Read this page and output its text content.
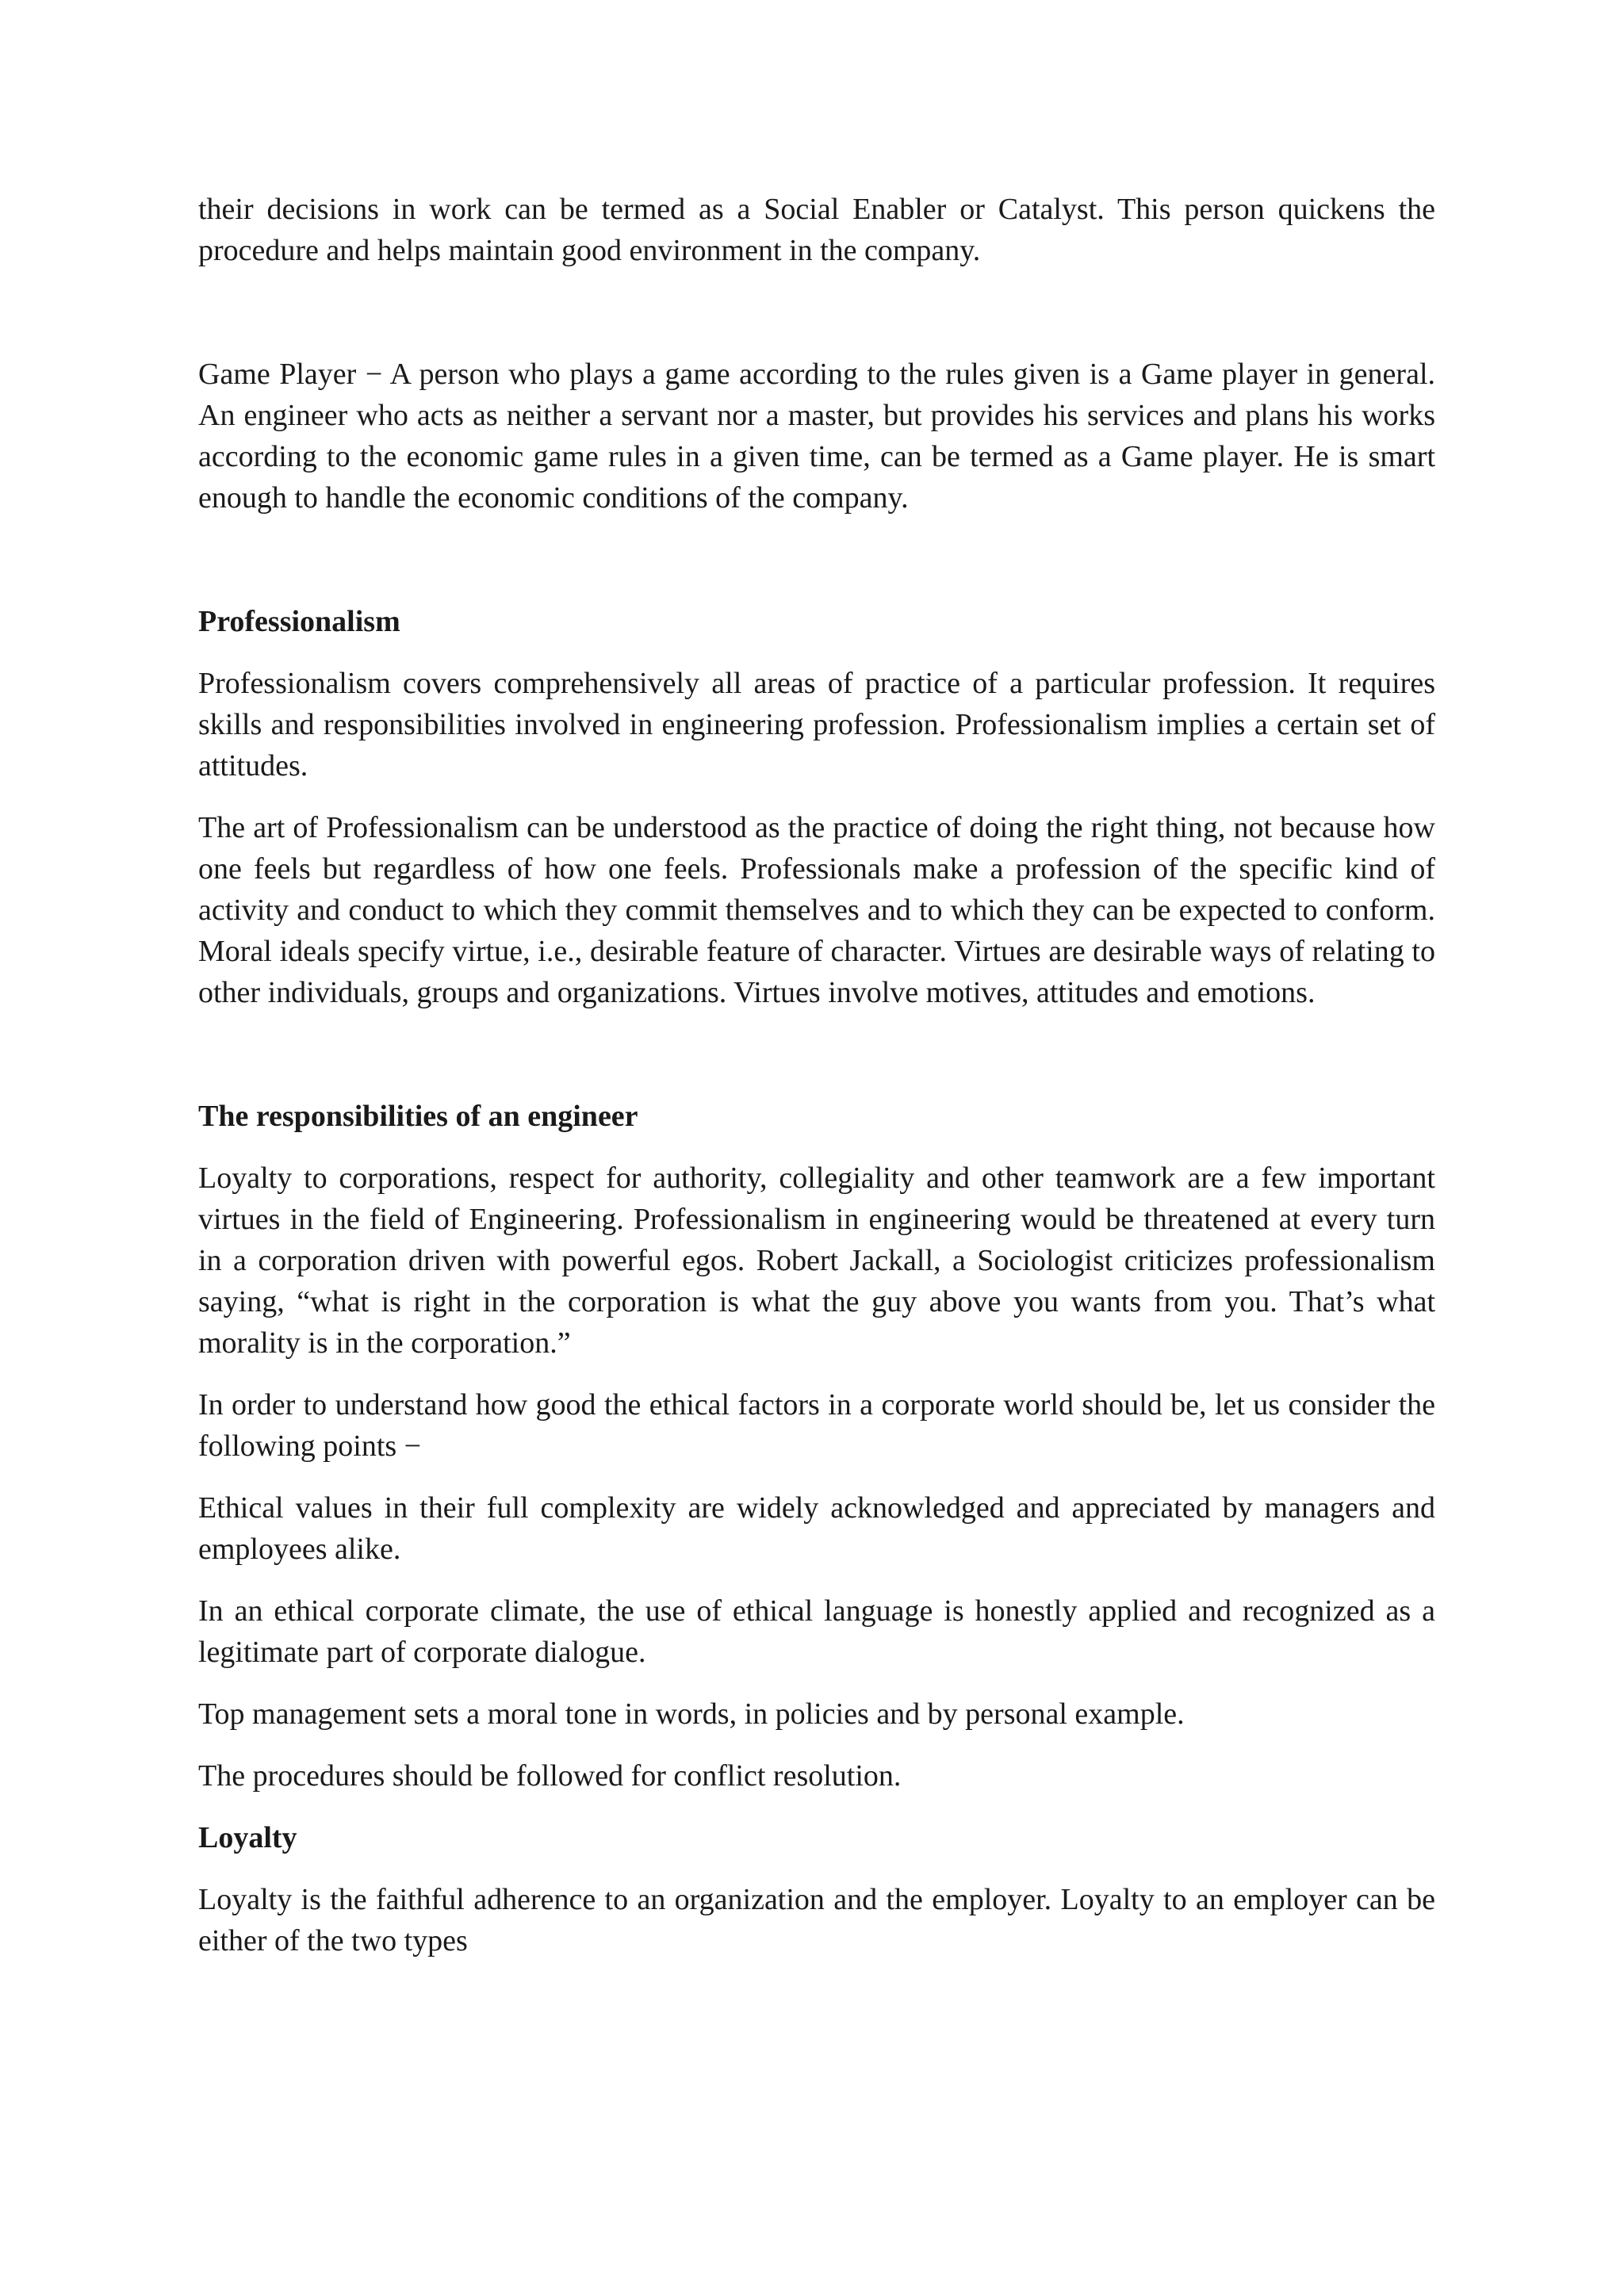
their decisions in work can be termed as a Social Enabler or Catalyst. This person quickens the procedure and helps maintain good environment in the company.

Game Player − A person who plays a game according to the rules given is a Game player in general. An engineer who acts as neither a servant nor a master, but provides his services and plans his works according to the economic game rules in a given time, can be termed as a Game player. He is smart enough to handle the economic conditions of the company.

Professionalism

Professionalism covers comprehensively all areas of practice of a particular profession. It requires skills and responsibilities involved in engineering profession. Professionalism implies a certain set of attitudes.

The art of Professionalism can be understood as the practice of doing the right thing, not because how one feels but regardless of how one feels. Professionals make a profession of the specific kind of activity and conduct to which they commit themselves and to which they can be expected to conform. Moral ideals specify virtue, i.e., desirable feature of character. Virtues are desirable ways of relating to other individuals, groups and organizations. Virtues involve motives, attitudes and emotions.

The responsibilities of an engineer

Loyalty to corporations, respect for authority, collegiality and other teamwork are a few important virtues in the field of Engineering. Professionalism in engineering would be threatened at every turn in a corporation driven with powerful egos. Robert Jackall, a Sociologist criticizes professionalism saying, “what is right in the corporation is what the guy above you wants from you. That’s what morality is in the corporation.”

In order to understand how good the ethical factors in a corporate world should be, let us consider the following points −

Ethical values in their full complexity are widely acknowledged and appreciated by managers and employees alike.

In an ethical corporate climate, the use of ethical language is honestly applied and recognized as a legitimate part of corporate dialogue.

Top management sets a moral tone in words, in policies and by personal example.

The procedures should be followed for conflict resolution.

Loyalty

Loyalty is the faithful adherence to an organization and the employer. Loyalty to an employer can be either of the two types
